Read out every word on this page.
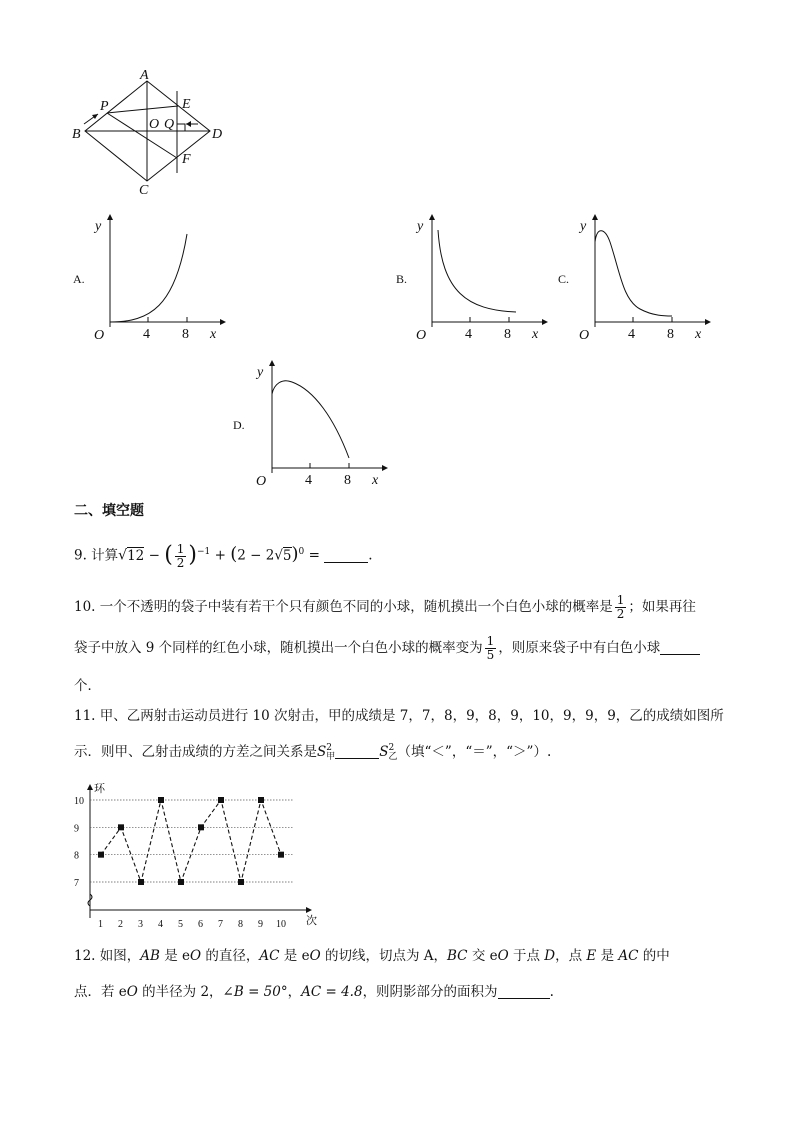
A
B
C
D
P
O Q
E
F
A.
y
x
O	4 8
B.
y
x
O	4 8
C.
y
x
O	4 8
D.
y
x
O	4 8
二、填空题
9. 计算√12 − ( $\frac{1}{2} )^{-1} + (2 - 2√5)^0$ =	.
10. 一个不透明的袋子中装有若干个只有颜色不同的小球，随机摸出一个白色小球的概率是 $\frac{1}{2}$ ；如果再往
袋子中放入 9 个同样的红色小球，随机摸出一个白色小球的概率变为 $\frac{1}{5}$ ，则原来袋子中有白色小球
个．
11. 甲、乙两射击运动员进行 10 次射击，甲的成绩是 7，7，8，9，8，9，10，9，9，9，乙的成绩如图所
示．则甲、乙射击成绩的方差之间关系是S 2
甲	S 2
乙 （填“＜”，“＝”，“＞”）.
环
次
7
8
9
10
1 2 3 4 5 6 7 8 9 10
12. 如图，AB 是 eO 的直径，AC 是 eO 的切线，切点为 A，BC 交 eO 于点 D，点 E 是 AC 的中
点．若 eO 的半径为 2，∠B = 50°，AC = 4.8，则阴影部分的面积为	.
